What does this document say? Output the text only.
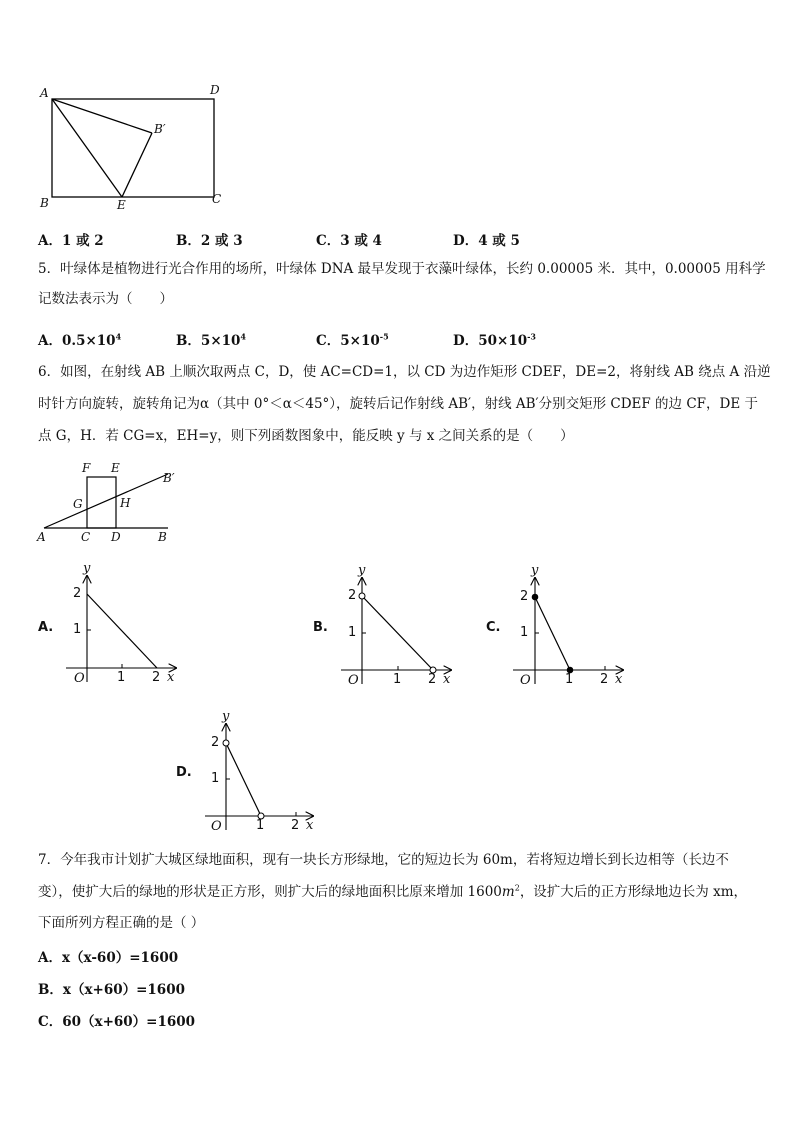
A	D
B′
B	E	C
A．1 或 2	B．2 或 3	C．3 或 4	D．4 或 5
5．叶绿体是植物进行光合作用的场所，叶绿体 DNA 最早发现于衣藻叶绿体，长约 0.00005 米．其中，0.00005 用科学
记数法表示为（　　）
A．$0.5\times 10^4$	B．$5\times 10^4$	C．$5\times 10^{-5}$	D．$50\times 10^{-3}$
6．如图，在射线 AB 上顺次取两点 C，D，使 AC=CD=1，以 CD 为边作矩形 CDEF，DE=2，将射线 AB 绕点 A 沿逆
时针方向旋转，旋转角记为α（其中 0°＜α＜45°），旋转后记作射线 AB′，射线 AB′分别交矩形 CDEF 的边 CF，DE 于
点 G，H．若 CG=x，EH=y，则下列函数图象中，能反映 y 与 x 之间关系的是（　　）
F E
B′
G	H
A	C D	B
A.
y
2
1
O 1 2 x
B.
y
2
1
O	1 2 x
C.
y
2
1
O	1 2 x
D.
y
2
1
O	1 2 x
7．今年我市计划扩大城区绿地面积，现有一块长方形绿地，它的短边长为 60m，若将短边增长到长边相等（长边不
变），使扩大后的绿地的形状是正方形，则扩大后的绿地面积比原来增加 $1600m^2$，设扩大后的正方形绿地边长为 xm，
下面所列方程正确的是（ ）
A．x（x-60）=1600
B．x（x+60）=1600
C．60（x+60）=1600
